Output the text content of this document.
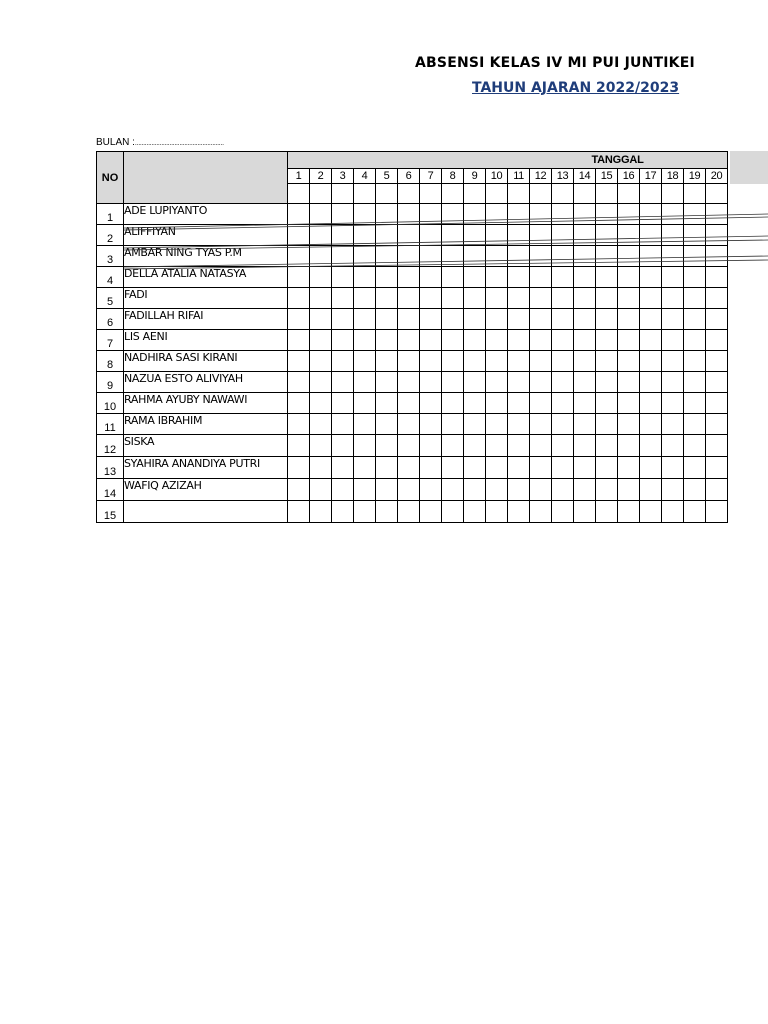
ABSENSI KELAS IV MI PUI JUNTIKEI
TAHUN AJARAN 2022/2023
BULAN :......................................................
NO		TANGGAL																			
		1	2	3	4	5	6	7	8	9	10	11	12	13	14	15	16	17	18	19	20

1	ADE LUPIYANTO																				
2	ALIFFIYAN																				
3	AMBAR NING TYAS P.M																				
4	DELLA ATALIA NATASYA																				
5	FADI																				
6	FADILLAH RIFAI																				
7	LIS AENI																				
8	NADHIRA SASI KIRANI																				
9	NAZUA ESTO ALIVIYAH																				
10	RAHMA AYUBY NAWAWI																				
11	RAMA IBRAHIM																				
12	SISKA																				
13	SYAHIRA ANANDIYA PUTRI																				
14	WAFIQ AZIZAH																				
15																					
